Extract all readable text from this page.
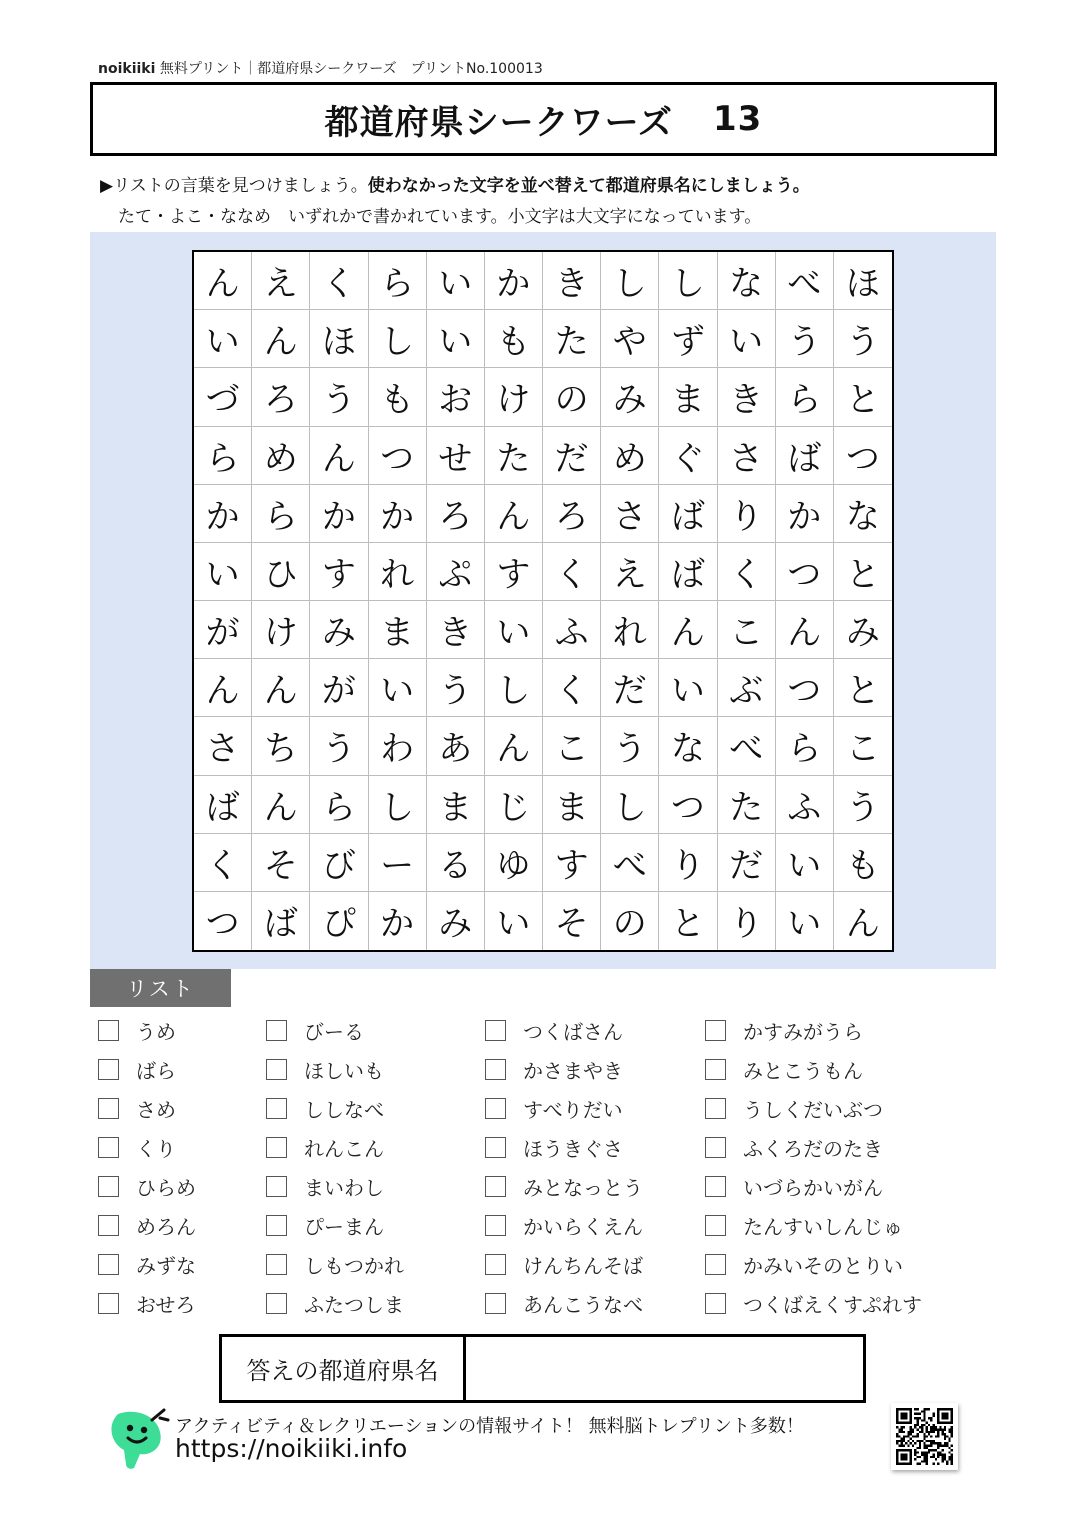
noikiiki 無料プリント｜都道府県シークワーズ　プリントNo.100013
都道府県シークワーズ 13
▶リストの言葉を見つけましょう。使わなかった文字を並べ替えて都道府県名にしましょう。
たて・よこ・ななめ　いずれかで書かれています。小文字は大文字になっています。
ん え く ら い か き し し な べ ほ
い ん ほ し い も た や ず い う う
づ ろ う も お け の み ま き ら と
ら め ん つ せ た だ め ぐ さ ば つ
か ら か か ろ ん ろ さ ば り か な
い ひ す れ ぷ す く え ば く つ と
が け み ま き い ふ れ ん こ ん み
ん ん が い う し く だ い ぶ つ と
さ ち う わ あ ん こ う な べ ら こ
ば ん ら し ま じ ま し つ た ふ う
く そ び ー る ゆ す べ り だ い も
つ ば ぴ か み い そ の と り い ん
リスト
うめ
ばら
さめ
くり
ひらめ
めろん
みずな
おせろ
びーる
ほしいも
ししなべ
れんこん
まいわし
ぴーまん
しもつかれ
ふたつしま
つくばさん
かさまやき
すべりだい
ほうきぐさ
みとなっとう
かいらくえん
けんちんそば
あんこうなべ
かすみがうら
みとこうもん
うしくだいぶつ
ふくろだのたき
いづらかいがん
たんすいしんじゅ
かみいそのとりい
つくばえくすぷれす
答えの都道府県名
アクティビティ＆レクリエーションの情報サイト！ 無料脳トレプリント多数！
https://noikiiki.info
